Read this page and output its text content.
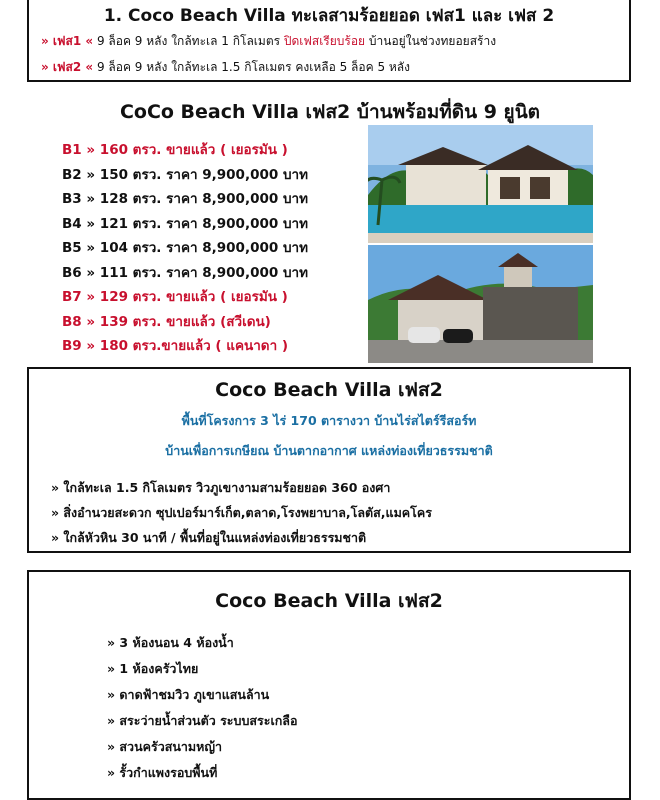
1. Coco Beach Villa ทะเลสามร้อยยอด เฟส1 และ เฟส 2
» เฟส1 « 9 ล็อค 9 หลัง ใกล้ทะเล 1 กิโลเมตร ปิดเฟสเรียบร้อย บ้านอยู่ในช่วงทยอยสร้าง
» เฟส2 « 9 ล็อค 9 หลัง ใกล้ทะเล 1.5 กิโลเมตร คงเหลือ 5 ล็อค 5 หลัง
CoCo Beach Villa เฟส2 บ้านพร้อมที่ดิน 9 ยูนิต
B1 » 160 ตรว. ขายแล้ว ( เยอรมัน )
B2 » 150 ตรว. ราคา 9,900,000 บาท
B3 » 128 ตรว. ราคา 8,900,000 บาท
B4 » 121 ตรว. ราคา 8,900,000 บาท
B5 » 104 ตรว. ราคา 8,900,000 บาท
B6 » 111 ตรว. ราคา 8,900,000 บาท
B7 » 129 ตรว. ขายแล้ว ( เยอรมัน )
B8 » 139 ตรว. ขายแล้ว (สวีเดน)
B9 » 180 ตรว.ขายแล้ว ( แคนาดา )
Coco Beach Villa เฟส2
พื้นที่โครงการ 3 ไร่ 170 ตารางวา บ้านไร่สไตร์รีสอร์ท
บ้านเพื่อการเกษียณ บ้านตากอากาศ แหล่งท่องเที่ยวธรรมชาติ
» ใกล้ทะเล 1.5 กิโลเมตร วิวภูเขางามสามร้อยยอด 360 องศา
» สิ่งอำนวยสะดวก ซุปเปอร์มาร์เก็ต,ตลาด,โรงพยาบาล,โลตัส,แมคโคร
» ใกล้หัวหิน 30 นาที / พื้นที่อยู่ในแหล่งท่องเที่ยวธรรมชาติ
Coco Beach Villa เฟส2
» 3 ห้องนอน 4 ห้องน้ำ
» 1 ห้องครัวไทย
» ดาดฟ้าชมวิว ภูเขาแสนล้าน
» สระว่ายน้ำส่วนตัว ระบบสระเกลือ
» สวนครัวสนามหญ้า
» รั้วกำแพงรอบพื้นที่
